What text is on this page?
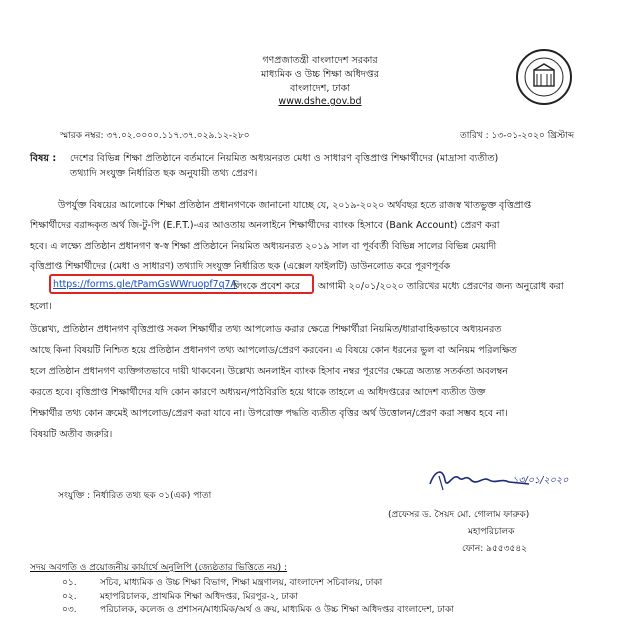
গণপ্রজাতন্ত্রী বাংলাদেশ সরকার
মাধ্যমিক ও উচ্চ শিক্ষা অধিদপ্তর
বাংলাদেশ, ঢাকা
www.dshe.gov.bd
স্মারক নম্বর: ৩৭.০২.০০০০.১১৭.৩৭.০২৯.১২-২৮০	তারিখ : ১৩-০১-২০২০ খ্রিস্টাব্দ
বিষয় : দেশের বিভিন্ন শিক্ষা প্রতিষ্ঠানে বর্তমানে নিয়মিত অধ্যয়নরত মেধা ও সাধারণ বৃত্তিপ্রাপ্ত শিক্ষার্থীদের (মাদ্রাসা ব্যতীত)
তথ্যাদি সংযুক্ত নির্ধারিত ছক অনুযায়ী তথ্য প্রেরণ।
উপর্যুক্ত বিষয়ের আলোকে শিক্ষা প্রতিষ্ঠান প্রধানগণকে জানানো যাচ্ছে যে, ২০১৯-২০২০ অর্থবছর হতে রাজস্ব খাতভুক্ত বৃত্তিপ্রাপ্ত
শিক্ষার্থীদের বরাদ্দকৃত অর্থ জি-টু-পি (E.F.T.)-এর আওতায় অনলাইনে শিক্ষার্থীদের ব্যাংক হিসাবে (Bank Account) প্রেরণ করা
হবে। এ লক্ষ্যে প্রতিষ্ঠান প্রধানগণ স্ব-স্ব শিক্ষা প্রতিষ্ঠানে নিয়মিত অধ্যয়নরত ২০১৯ সাল বা পূর্ববর্তী বিভিন্ন সালের বিভিন্ন মেয়াদী
বৃত্তিপ্রাপ্ত শিক্ষার্থীদের (মেধা ও সাধারণ) তথ্যাদি সংযুক্ত নির্ধারিত ছক (এক্সেল ফাইলটি) ডাউনলোড করে পূরণপূর্বক
https://forms.gle/tPamGsWWruopf7q7A
লিংকে প্রবেশ করে আগামী ২০/০১/২০২০ তারিখের মধ্যে প্রেরণের জন্য অনুরোধ করা
হলো।
উল্লেখ্য, প্রতিষ্ঠান প্রধানগণ বৃত্তিপ্রাপ্ত সকল শিক্ষার্থীর তথ্য আপলোড করার ক্ষেত্রে শিক্ষার্থীরা নিয়মিত/ধারাবাহিকভাবে অধ্যয়নরত
আছে কিনা বিষয়টি নিশ্চিত হয়ে প্রতিষ্ঠান প্রধানগণ তথ্য আপলোড/প্রেরণ করবেন। এ বিষয়ে কোন ধরনের ভুল বা অনিয়ম পরিলক্ষিত
হলে প্রতিষ্ঠান প্রধানগণ ব্যক্তিগতভাবে দায়ী থাকবেন। উল্লেখ্য অনলাইন ব্যাংক হিসাব নম্বর পূরণের ক্ষেত্রে অত্যন্ত সতর্কতা অবলম্বন
করতে হবে। বৃত্তিপ্রাপ্ত শিক্ষার্থীদের যদি কোন কারণে অধ্যয়ন/পাঠবিরতি হয়ে থাকে তাহলে এ অধিদপ্তরের আদেশ ব্যতীত উক্ত
শিক্ষার্থীর তথ্য কোন ক্রমেই আপলোড/প্রেরণ করা যাবে না। উপরোক্ত পদ্ধতি ব্যতীত বৃত্তির অর্থ উত্তোলন/প্রেরণ করা সম্ভব হবে না।
বিষয়টি অতীব জরুরি।
সংযুক্তি : নির্ধারিত তথ্য ছক ০১(এক) পাতা
১৩/০১/২০২০
(প্রফেসর ড. সৈয়দ মো. গোলাম ফারুক)
মহাপরিচালক
ফোন: ৯৫৫৩৫৪২
সদয় অবগতি ও প্রয়োজনীয় কার্যার্থে অনুলিপি (জ্যেষ্ঠতার ভিত্তিতে নয়) :
০১.	সচিব, মাধ্যমিক ও উচ্চ শিক্ষা বিভাগ, শিক্ষা মন্ত্রণালয়, বাংলাদেশ সচিবালয়, ঢাকা
০২.	মহাপরিচালক, প্রাথমিক শিক্ষা অধিদপ্তর, মিরপুর-২, ঢাকা
০৩.	পরিচালক, কলেজ ও প্রশাসন/মাধ্যমিক/অর্থ ও ক্রয়, মাধ্যমিক ও উচ্চ শিক্ষা অধিদপ্তর বাংলাদেশ, ঢাকা
